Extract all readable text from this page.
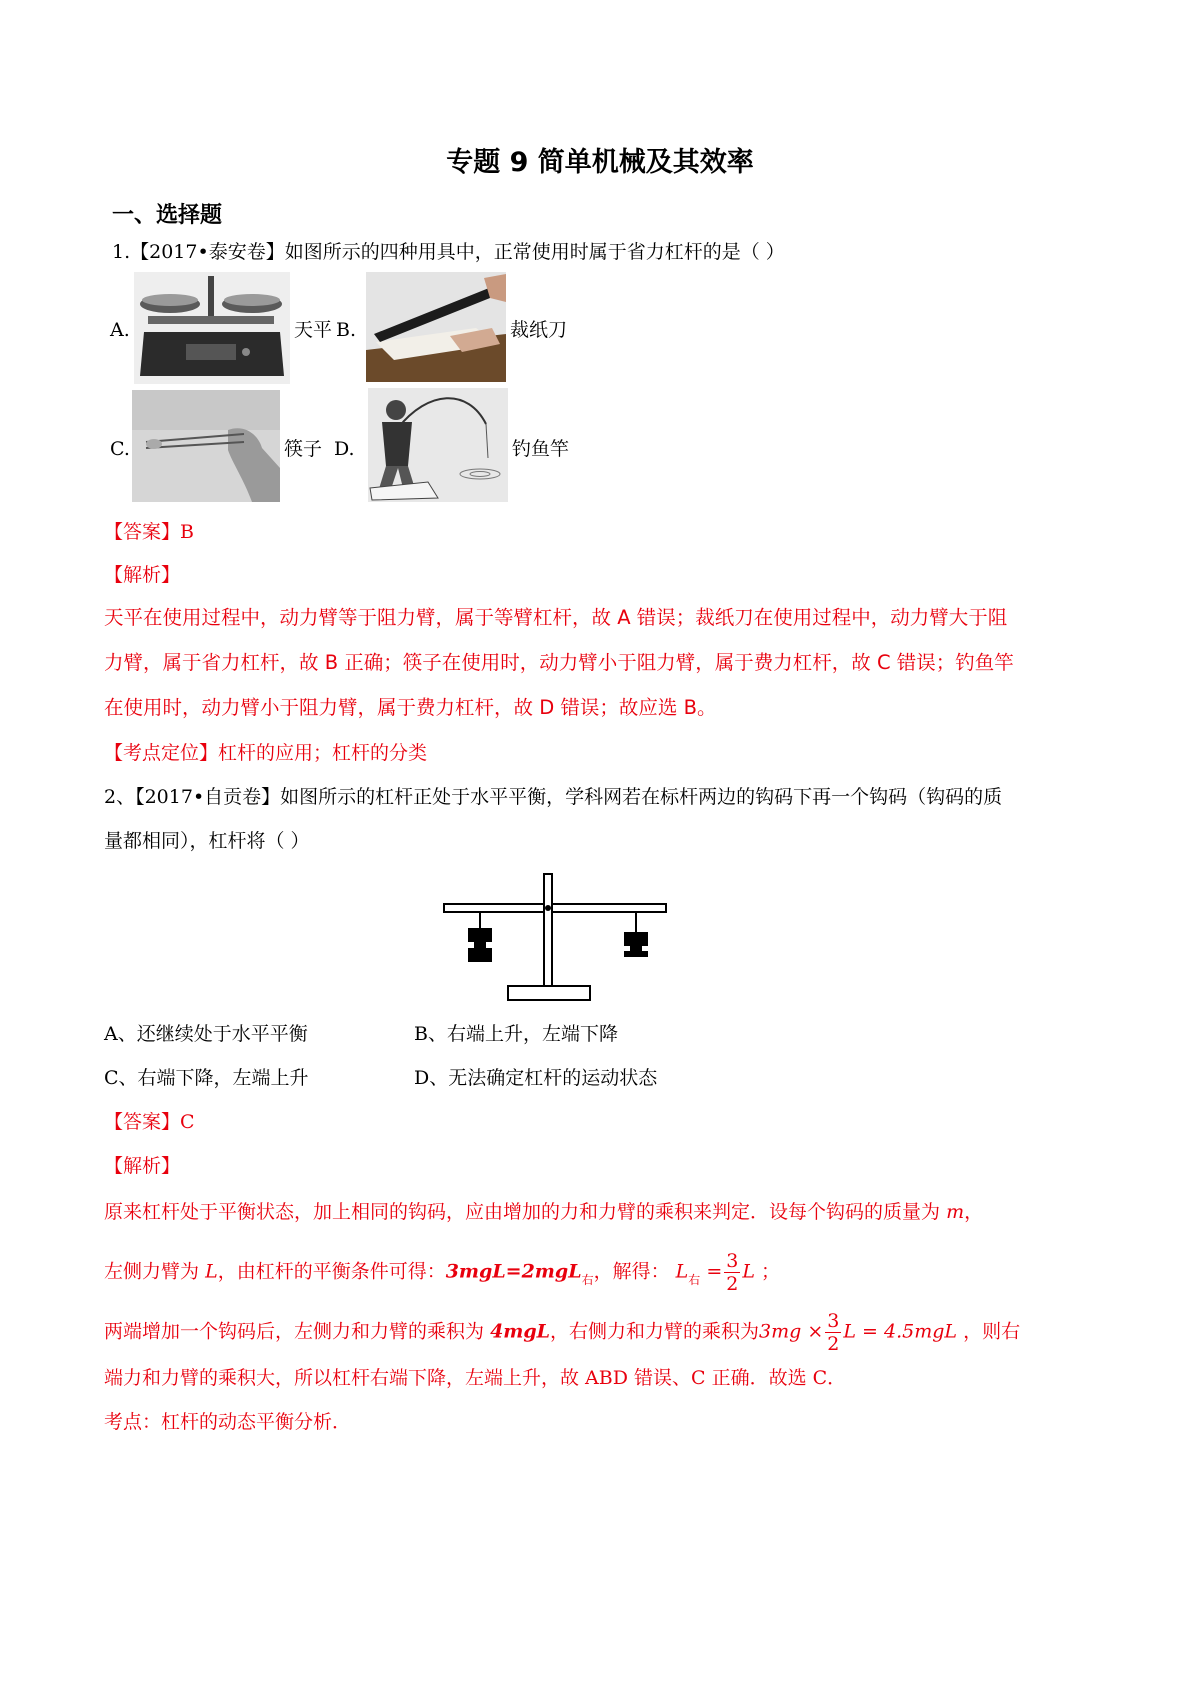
专题 9 简单机械及其效率
一、选择题
1.【2017•泰安卷】如图所示的四种用具中，正常使用时属于省力杠杆的是（ ）
A.	天平 B.	裁纸刀
C.	筷子 D.	钓鱼竿
【答案】B
【解析】
天平在使用过程中，动力臂等于阻力臂，属于等臂杠杆，故 A 错误；裁纸刀在使用过程中，动力臂大于阻
力臂，属于省力杠杆，故 B 正确；筷子在使用时，动力臂小于阻力臂，属于费力杠杆，故 C 错误；钓鱼竿
在使用时，动力臂小于阻力臂，属于费力杠杆，故 D 错误；故应选 B。
【考点定位】杠杆的应用；杠杆的分类
2、【2017•自贡卷】如图所示的杠杆正处于水平平衡，学科网若在标杆两边的钩码下再一个钩码（钩码的质
量都相同），杠杆将（ ）
A、还继续处于水平平衡	B、右端上升，左端下降
C、右端下降，左端上升	D、无法确定杠杆的运动状态
【答案】C
【解析】
原来杠杆处于平衡状态，加上相同的钩码，应由增加的力和力臂的乘积来判定．设每个钩码的质量为 m，
左侧力臂为 L，由杠杆的平衡条件可得：3mgL=2mgL$_右$，解得： $L_右 = \frac{3}{2}$ L ；
两端增加一个钩码后，左侧力和力臂的乘积为 4mgL，右侧力和力臂的乘积为$3mg \times \frac{3}{2}$ L = 4.5mgL ，则右
端力和力臂的乘积大，所以杠杆右端下降，左端上升，故 ABD 错误、C 正确．故选 C．
考点：杠杆的动态平衡分析．
